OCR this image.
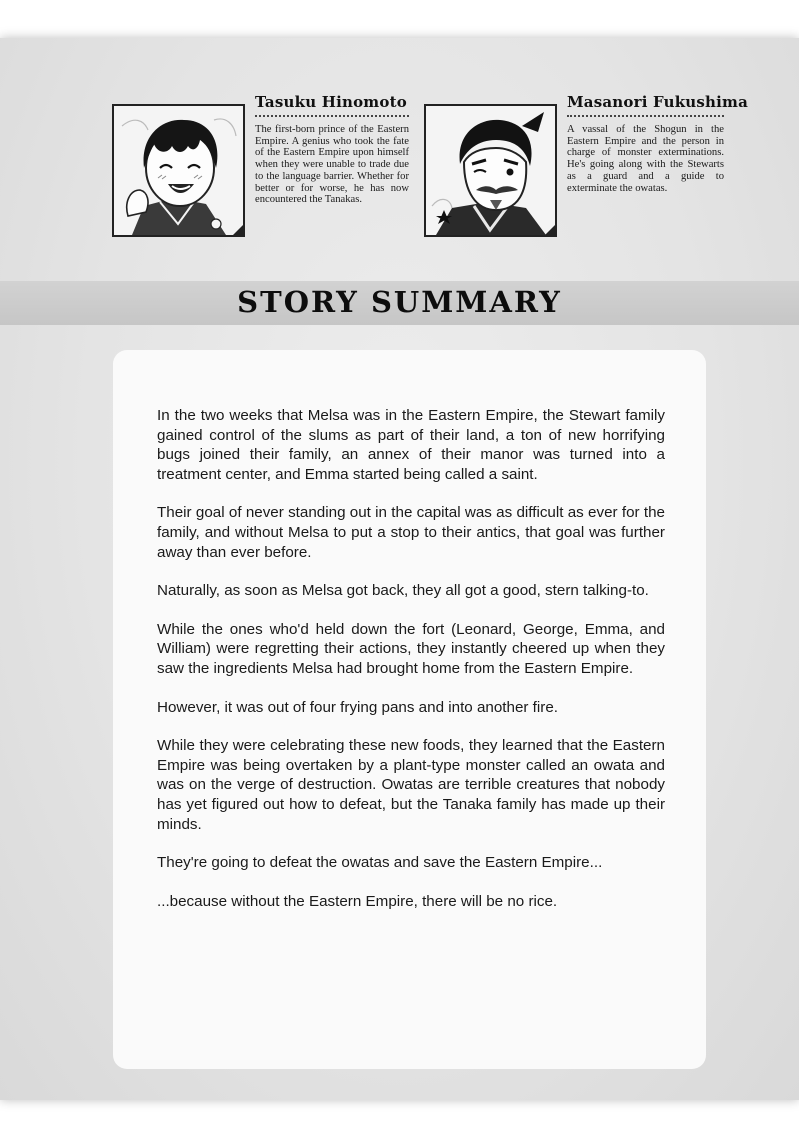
Tasuku Hinomoto

The first-born prince of the Eastern Empire. A genius who took the fate of the Eastern Empire upon himself when they were unable to trade due to the language barrier. Whether for better or for worse, he has now encountered the Tanakas.

Masanori Fukushima

A vassal of the Shogun in the Eastern Empire and the person in charge of monster exterminations. He's going along with the Stewarts as a guard and a guide to exterminate the owatas.

STORY SUMMARY

In the two weeks that Melsa was in the Eastern Empire, the Stewart family gained control of the slums as part of their land, a ton of new horrifying bugs joined their family, an annex of their manor was turned into a treatment center, and Emma started being called a saint.

Their goal of never standing out in the capital was as difficult as ever for the family, and without Melsa to put a stop to their antics, that goal was further away than ever before.

Naturally, as soon as Melsa got back, they all got a good, stern talking-to.

While the ones who'd held down the fort (Leonard, George, Emma, and William) were regretting their actions, they instantly cheered up when they saw the ingredients Melsa had brought home from the Eastern Empire.

However, it was out of four frying pans and into another fire.

While they were celebrating these new foods, they learned that the Eastern Empire was being overtaken by a plant-type monster called an owata and was on the verge of destruction. Owatas are terrible creatures that nobody has yet figured out how to defeat, but the Tanaka family has made up their minds.

They're going to defeat the owatas and save the Eastern Empire...

...because without the Eastern Empire, there will be no rice.
